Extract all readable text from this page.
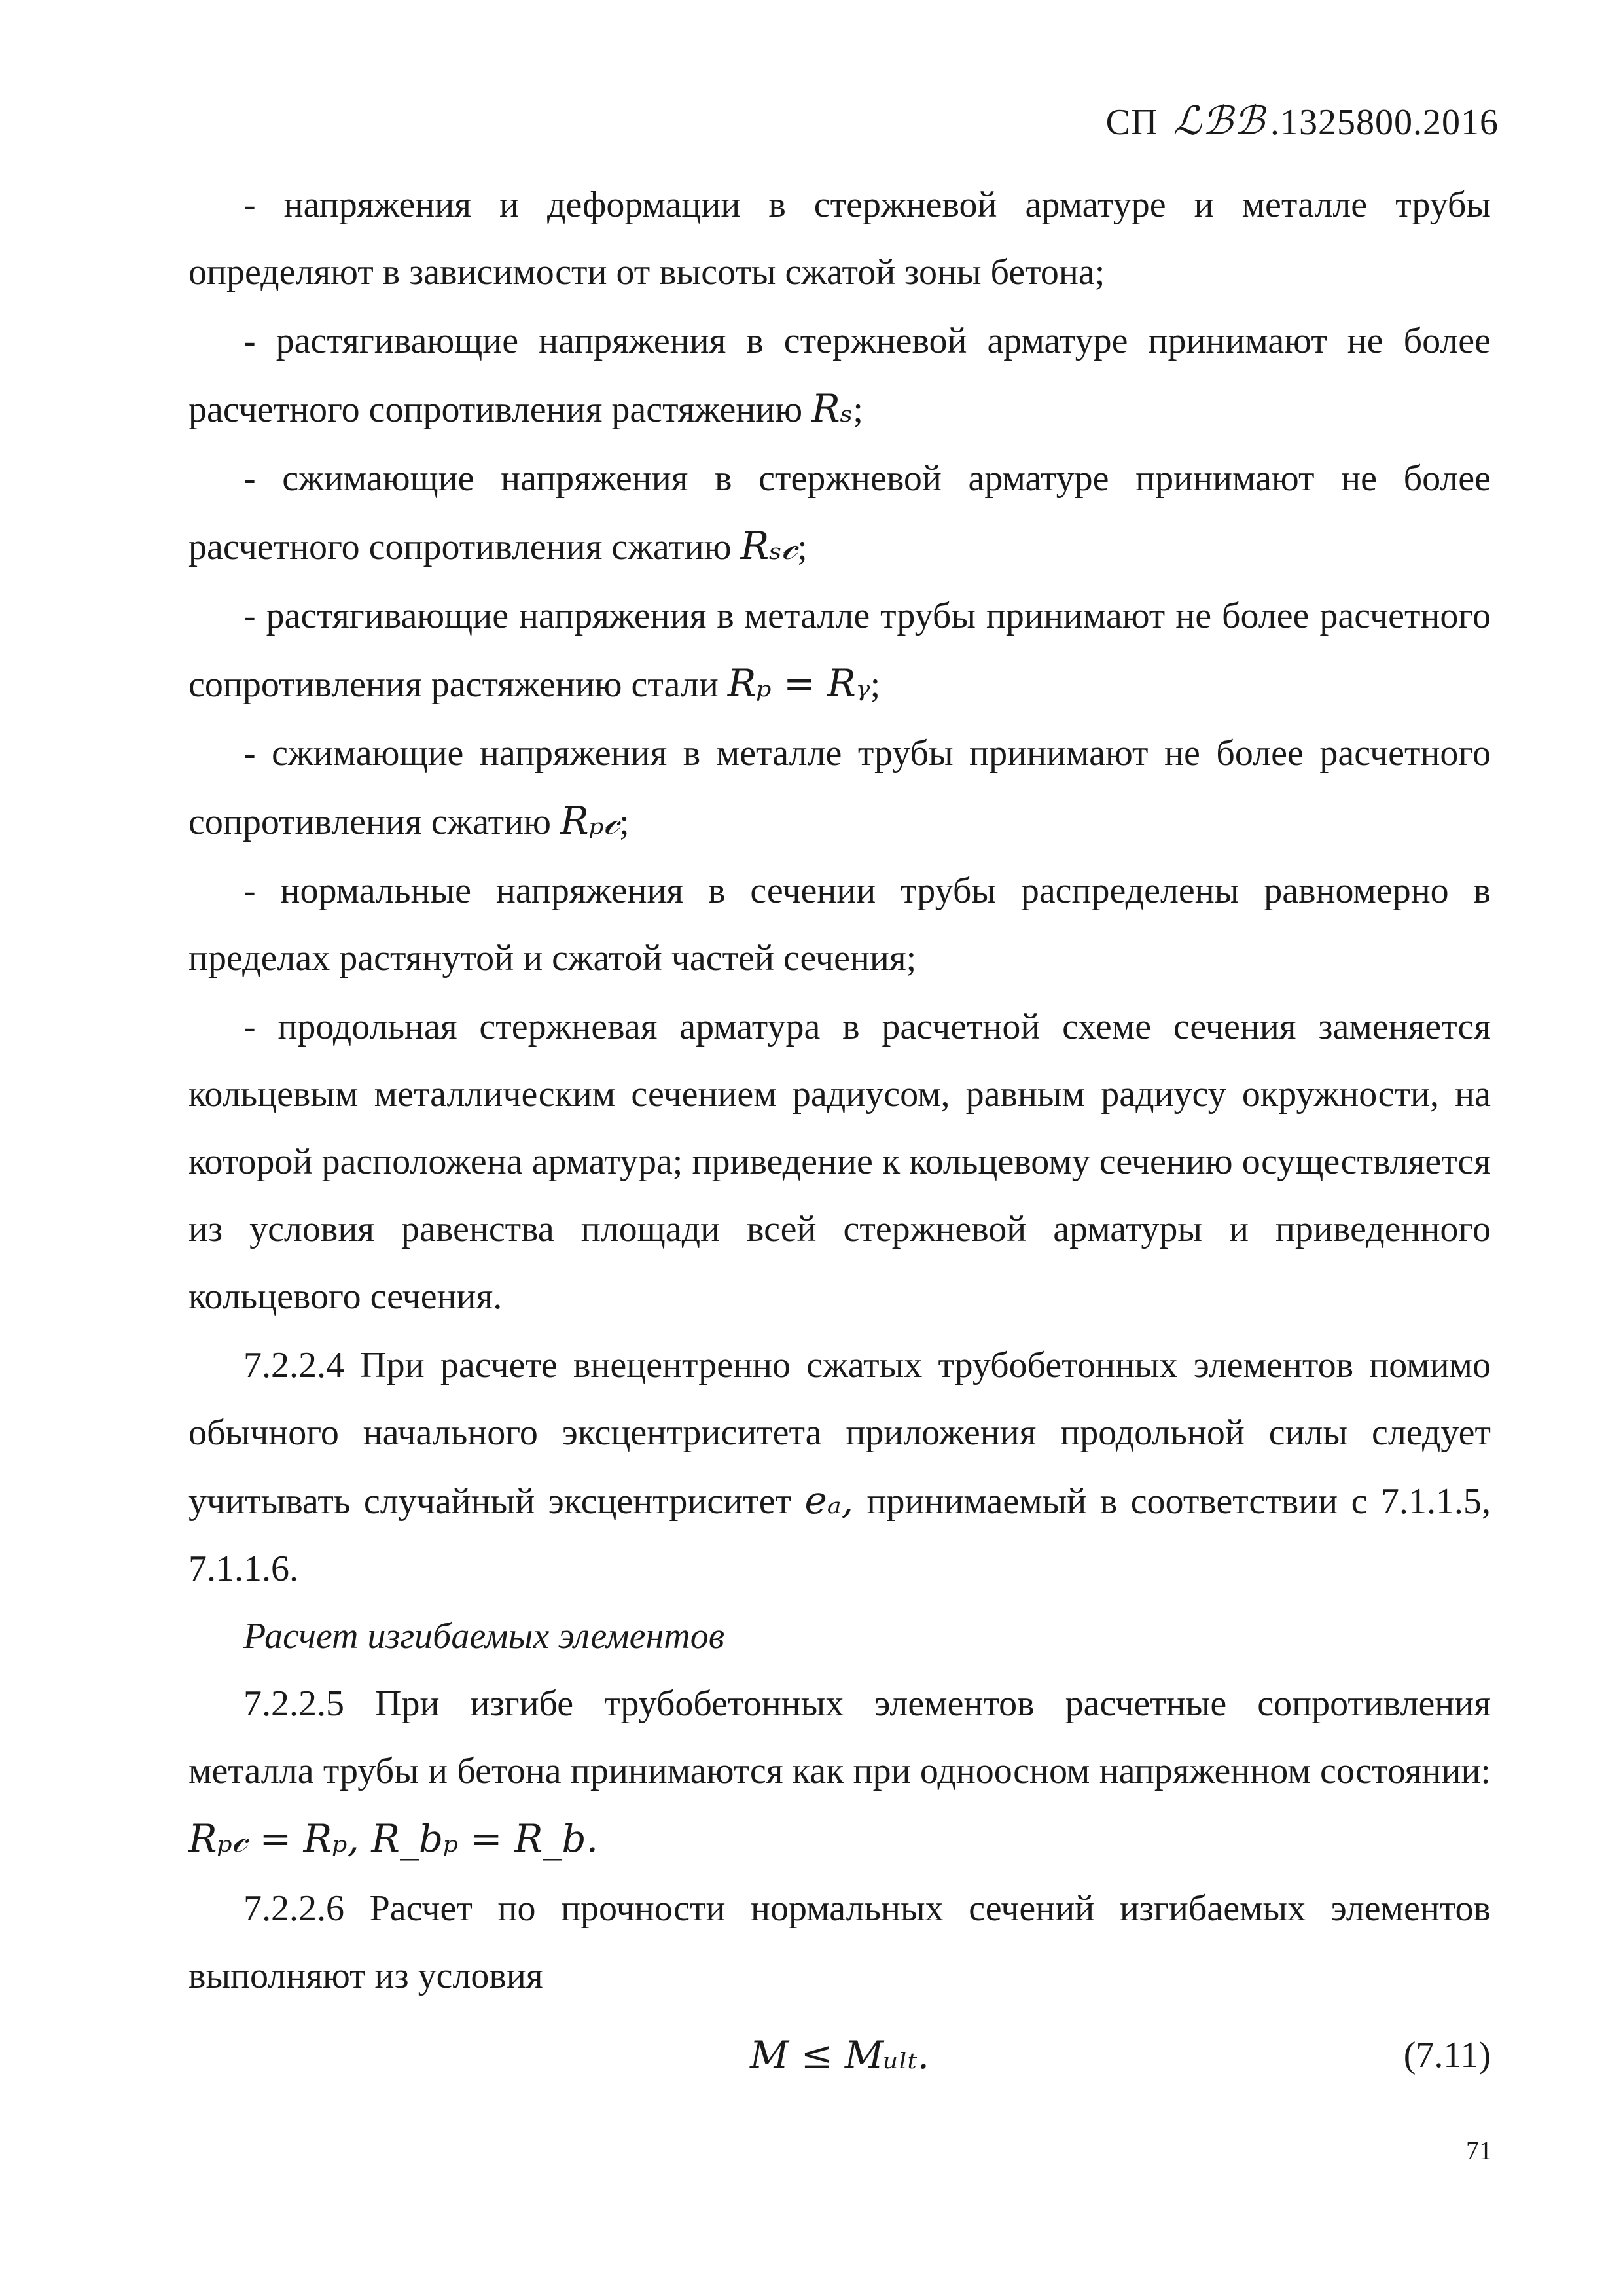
СП ℒℬℬ .1325800.2016

- напряжения и деформации в стержневой арматуре и металле трубы определяют в зависимости от высоты сжатой зоны бетона;

- растягивающие напряжения в стержневой арматуре принимают не более расчетного сопротивления растяжению Rₛ;

- сжимающие напряжения в стержневой арматуре принимают не более расчетного сопротивления сжатию Rₛ𝒸;

- растягивающие напряжения в металле трубы принимают не более расчетного сопротивления растяжению стали Rₚ = Rᵧ;

- сжимающие напряжения в металле трубы принимают не более расчетного сопротивления сжатию Rₚ𝒸;

- нормальные напряжения в сечении трубы распределены равномерно в пределах растянутой и сжатой частей сечения;

- продольная стержневая арматура в расчетной схеме сечения заменяется кольцевым металлическим сечением радиусом, равным радиусу окружности, на которой расположена арматура; приведение к кольцевому сечению осуществляется из условия равенства площади всей стержневой арматуры и приведенного кольцевого сечения.

7.2.2.4 При расчете внецентренно сжатых трубобетонных элементов помимо обычного начального эксцентриситета приложения продольной силы следует учитывать случайный эксцентриситет eₐ, принимаемый в соответствии с 7.1.1.5, 7.1.1.6.

Расчет изгибаемых элементов

7.2.2.5 При изгибе трубобетонных элементов расчетные сопротивления металла трубы и бетона принимаются как при одноосном напряженном состоянии: Rₚ𝒸 = Rₚ, R_bₚ = R_b.

7.2.2.6 Расчет по прочности нормальных сечений изгибаемых элементов выполняют из условия

M ≤ Mᵤₗₜ.	(7.11)
71
